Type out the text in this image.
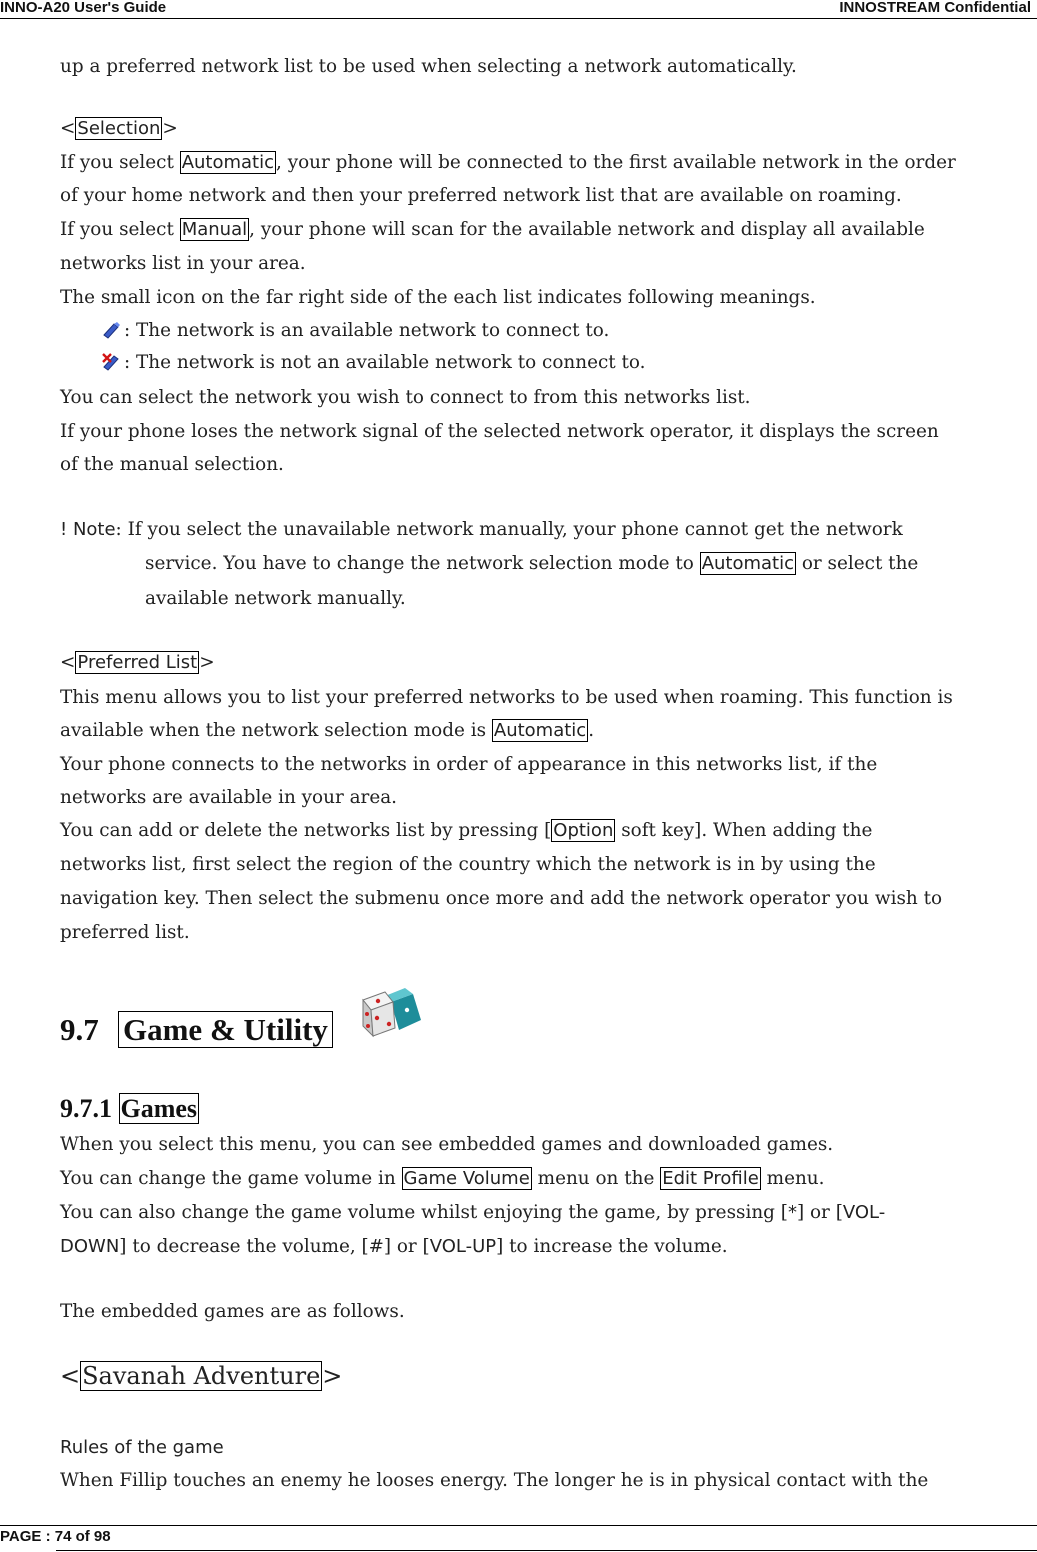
INNO-A20 User's Guide	INNOSTREAM Confidential
up a preferred network list to be used when selecting a network automatically.
< Selection >
If you select Automatic , your phone will be connected to the first available network in the order
of your home network and then your preferred network list that are available on roaming.
If you select Manual , your phone will scan for the available network and display all available
networks list in your area.
The small icon on the far right side of the each list indicates following meanings.
: The network is an available network to connect to.
: The network is not an available network to connect to.
You can select the network you wish to connect to from this networks list.
If your phone loses the network signal of the selected network operator, it displays the screen
of the manual selection.
! Note: If you select the unavailable network manually, your phone cannot get the network
service. You have to change the network selection mode to Automatic or select the
available network manually.
< Preferred List >
This menu allows you to list your preferred networks to be used when roaming. This function is
available when the network selection mode is Automatic .
Your phone connects to the networks in order of appearance in this networks list, if the
networks are available in your area.
You can add or delete the networks list by pressing [ Option soft key]. When adding the
networks list, first select the region of the country which the network is in by using the
navigation key. Then select the submenu once more and add the network operator you wish to
preferred list.
9.7 Game & Utility
9.7.1 Games
When you select this menu, you can see embedded games and downloaded games.
You can change the game volume in Game Volume menu on the Edit Profile menu.
You can also change the game volume whilst enjoying the game, by pressing [*] or [VOL-
DOWN] to decrease the volume, [#] or [VOL-UP] to increase the volume.
The embedded games are as follows.
<Savanah Adventure>
Rules of the game
When Fillip touches an enemy he looses energy. The longer he is in physical contact with the
PAGE : 74 of 98
